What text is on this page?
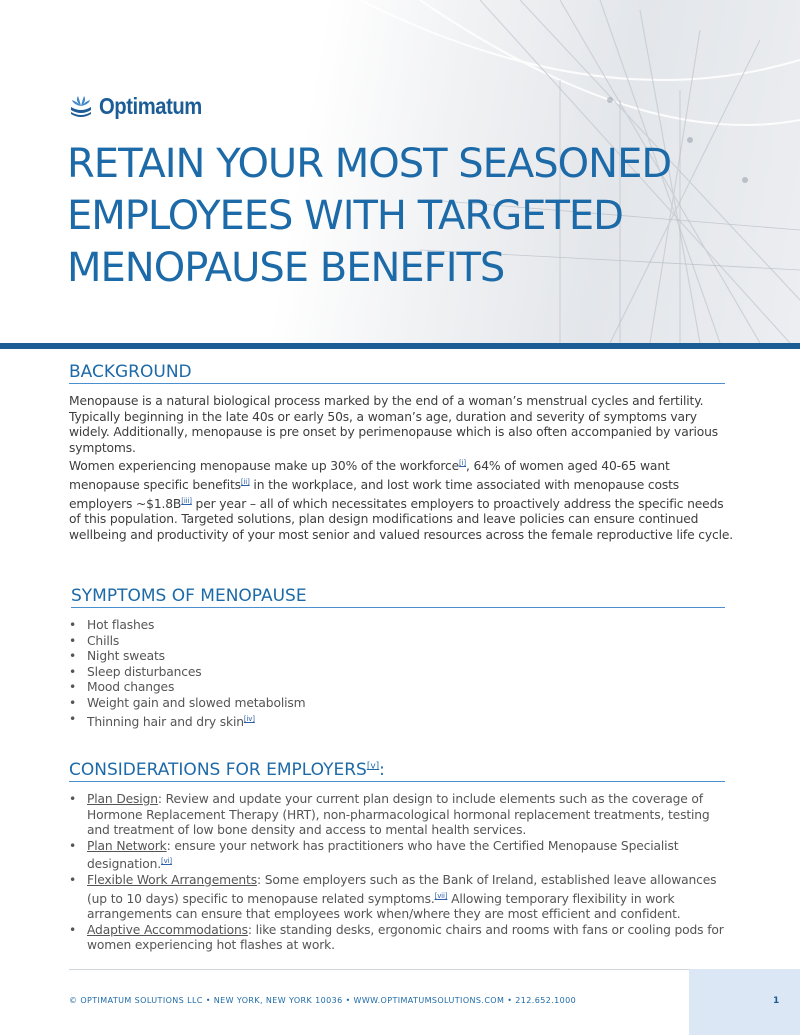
Optimatum
RETAIN YOUR MOST SEASONED
EMPLOYEES WITH TARGETED
MENOPAUSE BENEFITS
BACKGROUND

Menopause is a natural biological process marked by the end of a woman’s menstrual cycles and fertility. Typically beginning in the late 40s or early 50s, a woman’s age, duration and severity of symptoms vary widely. Additionally, menopause is pre onset by perimenopause which is also often accompanied by various symptoms.

Women experiencing menopause make up 30% of the workforce[i], 64% of women aged 40-65 want menopause specific benefits[ii] in the workplace, and lost work time associated with menopause costs employers ~$1.8B[iii] per year – all of which necessitates employers to proactively address the specific needs of this population. Targeted solutions, plan design modifications and leave policies can ensure continued wellbeing and productivity of your most senior and valued resources across the female reproductive life cycle.

SYMPTOMS OF MENOPAUSE
• Hot flashes
• Chills
• Night sweats
• Sleep disturbances
• Mood changes
• Weight gain and slowed metabolism
• Thinning hair and dry skin[iv]
CONSIDERATIONS FOR EMPLOYERS[v]:
• Plan Design: Review and update your current plan design to include elements such as the coverage of Hormone Replacement Therapy (HRT), non-pharmacological hormonal replacement treatments, testing and treatment of low bone density and access to mental health services.
• Plan Network: ensure your network has practitioners who have the Certified Menopause Specialist designation.[vi]
• Flexible Work Arrangements: Some employers such as the Bank of Ireland, established leave allowances (up to 10 days) specific to menopause related symptoms.[vii] Allowing temporary flexibility in work arrangements can ensure that employees work when/where they are most efficient and confident.
• Adaptive Accommodations: like standing desks, ergonomic chairs and rooms with fans or cooling pods for women experiencing hot flashes at work.
© OPTIMATUM SOLUTIONS LLC • NEW YORK, NEW YORK 10036 • WWW.OPTIMATUMSOLUTIONS.COM • 212.652.1000	1
